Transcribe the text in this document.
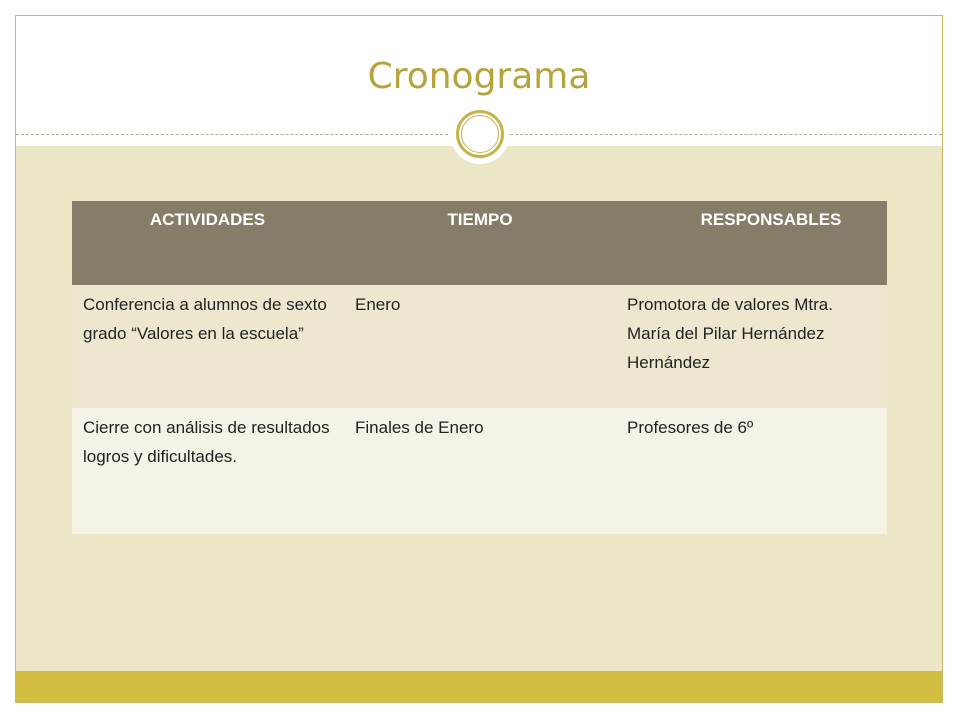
Cronograma
ACTIVIDADES	TIEMPO	RESPONSABLES
Conferencia a alumnos de sexto grado “Valores en la escuela”	Enero	Promotora de valores Mtra. María del Pilar Hernández Hernández
Cierre con análisis de resultados logros y dificultades.	Finales de Enero	Profesores de 6º
